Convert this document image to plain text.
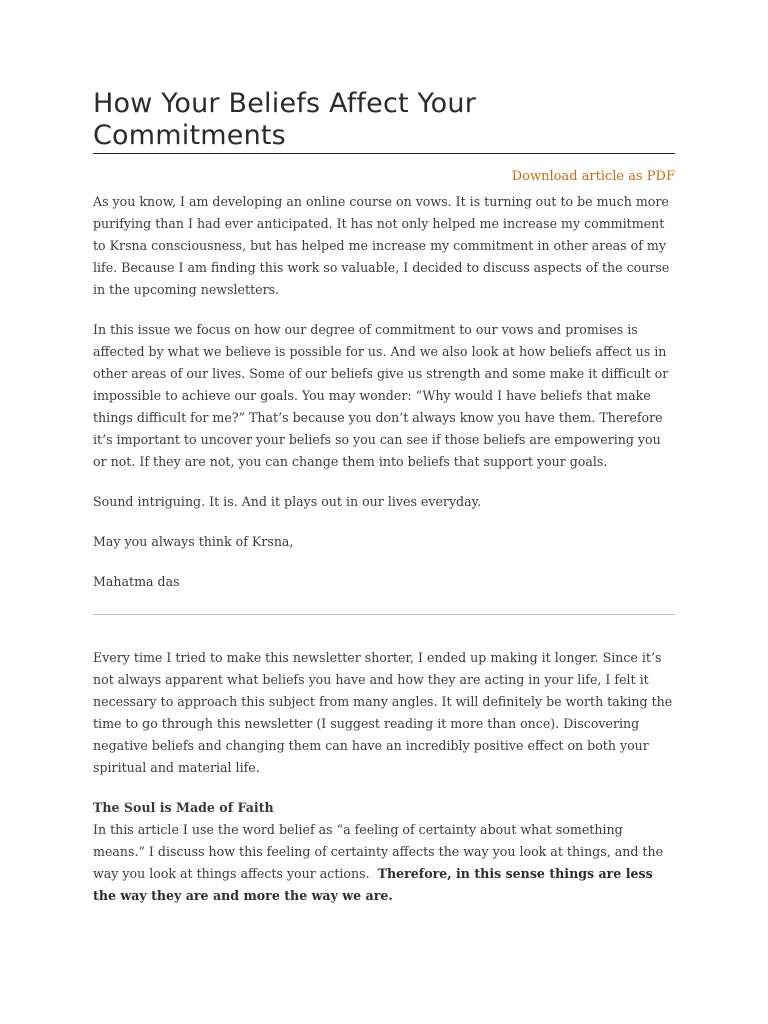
How Your Beliefs Affect Your
Commitments
Download article as PDF

As you know, I am developing an online course on vows. It is turning out to be much more purifying than I had ever anticipated. It has not only helped me increase my commitment to Krsna consciousness, but has helped me increase my commitment in other areas of my life. Because I am finding this work so valuable, I decided to discuss aspects of the course in the upcoming newsletters.

In this issue we focus on how our degree of commitment to our vows and promises is affected by what we believe is possible for us. And we also look at how beliefs affect us in other areas of our lives. Some of our beliefs give us strength and some make it difficult or impossible to achieve our goals. You may wonder: “Why would I have beliefs that make things difficult for me?” That’s because you don’t always know you have them. Therefore it’s important to uncover your beliefs so you can see if those beliefs are empowering you or not. If they are not, you can change them into beliefs that support your goals.

Sound intriguing. It is. And it plays out in our lives everyday.

May you always think of Krsna,

Mahatma das

Every time I tried to make this newsletter shorter, I ended up making it longer. Since it’s not always apparent what beliefs you have and how they are acting in your life, I felt it necessary to approach this subject from many angles. It will definitely be worth taking the time to go through this newsletter (I suggest reading it more than once). Discovering negative beliefs and changing them can have an incredibly positive effect on both your spiritual and material life.

The Soul is Made of Faith

In this article I use the word belief as “a feeling of certainty about what something means.” I discuss how this feeling of certainty affects the way you look at things, and the way you look at things affects your actions.  Therefore, in this sense things are less the way they are and more the way we are.
